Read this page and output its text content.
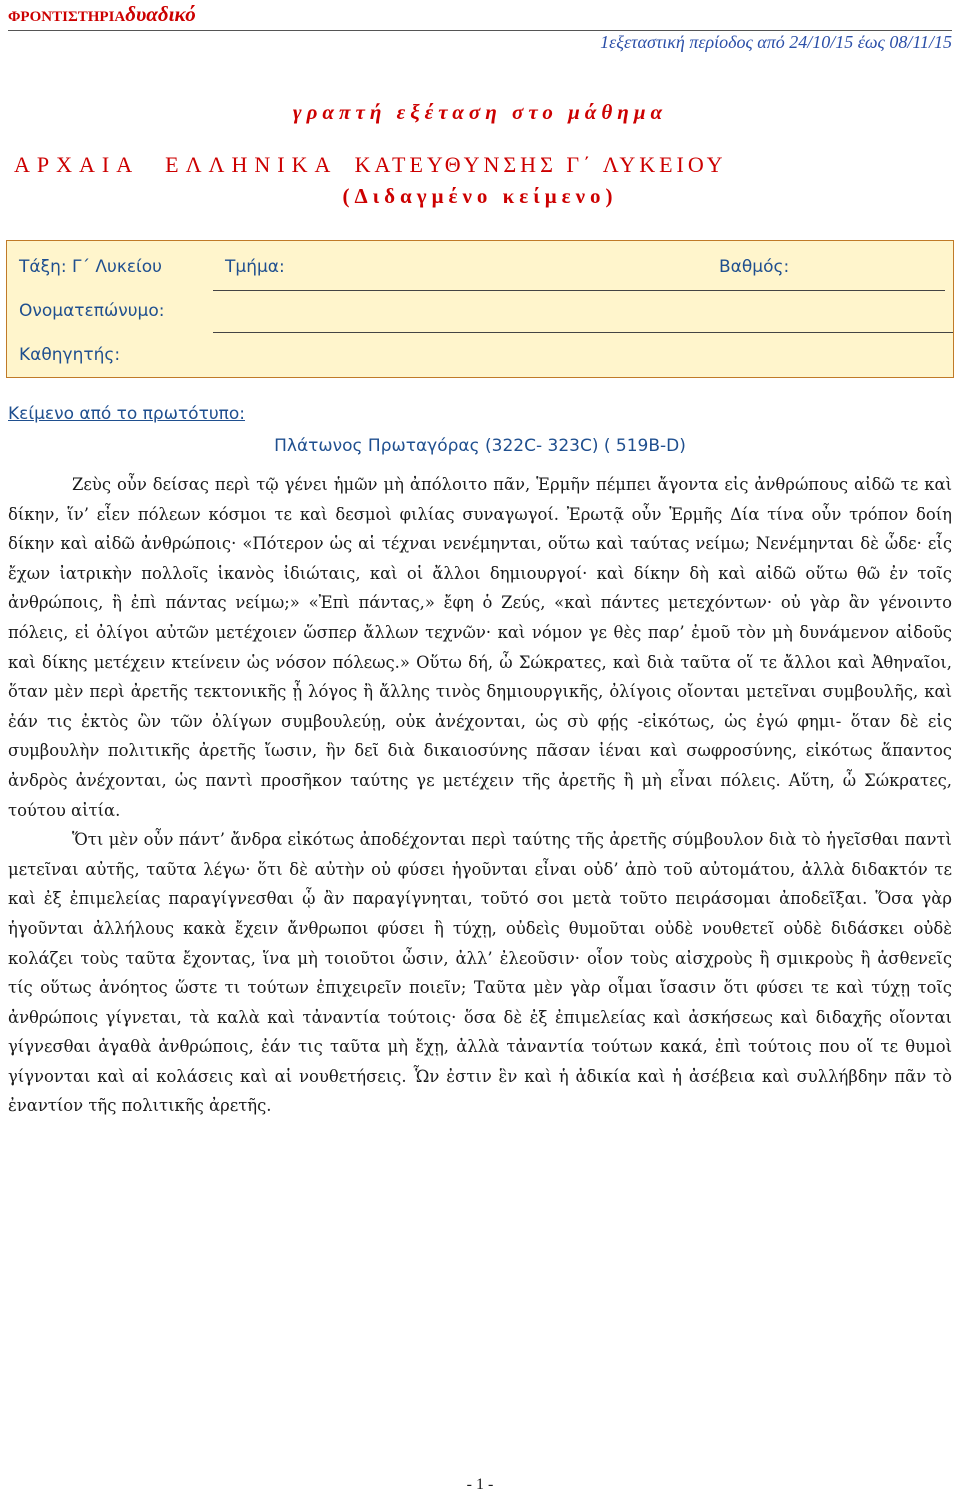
ΦΡΟΝΤΙΣΤΗΡΙΑδυαδικό
1εξεταστική περίοδος από 24/10/15 έως 08/11/15
γραπτή εξέταση στο μάθημα
ΑΡΧΑΙΑ ΕΛΛΗΝΙΚΑ ΚΑΤΕΥΘΥΝΣΗΣ Γ΄ ΛΥΚΕΙΟΥ
(Διδαγμένο κείμενο)
Τάξη: Γ΄ Λυκείου	Τμήμα:	Βαθμός:
Ονοματεπώνυμο:
Καθηγητής:
Κείμενο από το πρωτότυπο:
Πλάτωνος Πρωταγόρας (322C- 323C) ( 519B-D)

Ζεὺς οὖν δείσας περὶ τῷ γένει ἡμῶν μὴ ἀπόλοιτο πᾶν, Ἑρμῆν πέμπει ἄγοντα εἰς ἀνθρώπους αἰδῶ τε καὶ δίκην, ἵν’ εἶεν πόλεων κόσμοι τε καὶ δεσμοὶ φιλίας συναγωγοί. Ἐρωτᾷ οὖν Ἑρμῆς Δία τίνα οὖν τρόπον δοίη δίκην καὶ αἰδῶ ἀνθρώποις· «Πότερον ὡς αἱ τέχναι νενέμηνται, οὕτω καὶ ταύτας νείμω; Νενέμηνται δὲ ὧδε· εἷς ἔχων ἰατρικὴν πολλοῖς ἱκανὸς ἰδιώταις, καὶ οἱ ἄλλοι δημιουργοί· καὶ δίκην δὴ καὶ αἰδῶ οὕτω θῶ ἐν τοῖς ἀνθρώποις, ἢ ἐπὶ πάντας νείμω;» «Ἐπὶ πάντας,» ἔφη ὁ Ζεύς, «καὶ πάντες μετεχόντων· οὐ γὰρ ἂν γένοιντο πόλεις, εἰ ὀλίγοι αὐτῶν μετέχοιεν ὥσπερ ἄλλων τεχνῶν· καὶ νόμον γε θὲς παρ’ ἐμοῦ τὸν μὴ δυνάμενον αἰδοῦς καὶ δίκης μετέχειν κτείνειν ὡς νόσον πόλεως.» Οὕτω δή, ὦ Σώκρατες, καὶ διὰ ταῦτα οἵ τε ἄλλοι καὶ Ἀθηναῖοι, ὅταν μὲν περὶ ἀρετῆς τεκτονικῆς ᾖ λόγος ἢ ἄλλης τινὸς δημιουργικῆς, ὀλίγοις οἴονται μετεῖναι συμβουλῆς, καὶ ἐάν τις ἐκτὸς ὢν τῶν ὀλίγων συμβουλεύῃ, οὐκ ἀνέχονται, ὡς σὺ φῄς -εἰκότως, ὡς ἐγώ φημι- ὅταν δὲ εἰς συμβουλὴν πολιτικῆς ἀρετῆς ἴωσιν, ἣν δεῖ διὰ δικαιοσύνης πᾶσαν ἰέναι καὶ σωφροσύνης, εἰκότως ἅπαντος ἀνδρὸς ἀνέχονται, ὡς παντὶ προσῆκον ταύτης γε μετέχειν τῆς ἀρετῆς ἢ μὴ εἶναι πόλεις. Αὕτη, ὦ Σώκρατες, τούτου αἰτία.

Ὅτι μὲν οὖν πάντ’ ἄνδρα εἰκότως ἀποδέχονται περὶ ταύτης τῆς ἀρετῆς σύμβουλον διὰ τὸ ἡγεῖσθαι παντὶ μετεῖναι αὐτῆς, ταῦτα λέγω· ὅτι δὲ αὐτὴν οὐ φύσει ἡγοῦνται εἶναι οὐδ’ ἀπὸ τοῦ αὐτομάτου, ἀλλὰ διδακτόν τε καὶ ἐξ ἐπιμελείας παραγίγνεσθαι ᾧ ἂν παραγίγνηται, τοῦτό σοι μετὰ τοῦτο πειράσομαι ἀποδεῖξαι. Ὅσα γὰρ ἡγοῦνται ἀλλήλους κακὰ ἔχειν ἄνθρωποι φύσει ἢ τύχῃ, οὐδεὶς θυμοῦται οὐδὲ νουθετεῖ οὐδὲ διδάσκει οὐδὲ κολάζει τοὺς ταῦτα ἔχοντας, ἵνα μὴ τοιοῦτοι ὦσιν, ἀλλ’ ἐλεοῦσιν· οἷον τοὺς αἰσχροὺς ἢ σμικροὺς ἢ ἀσθενεῖς τίς οὕτως ἀνόητος ὥστε τι τούτων ἐπιχειρεῖν ποιεῖν; Ταῦτα μὲν γὰρ οἶμαι ἴσασιν ὅτι φύσει τε καὶ τύχῃ τοῖς ἀνθρώποις γίγνεται, τὰ καλὰ καὶ τἀναντία τούτοις· ὅσα δὲ ἐξ ἐπιμελείας καὶ ἀσκήσεως καὶ διδαχῆς οἴονται γίγνεσθαι ἀγαθὰ ἀνθρώποις, ἐάν τις ταῦτα μὴ ἔχῃ, ἀλλὰ τἀναντία τούτων κακά, ἐπὶ τούτοις που οἵ τε θυμοὶ γίγνονται καὶ αἱ κολάσεις καὶ αἱ νουθετήσεις. Ὧν ἐστιν ἓν καὶ ἡ ἀδικία καὶ ἡ ἀσέβεια καὶ συλλήβδην πᾶν τὸ ἐναντίον τῆς πολιτικῆς ἀρετῆς.

- 1 -
